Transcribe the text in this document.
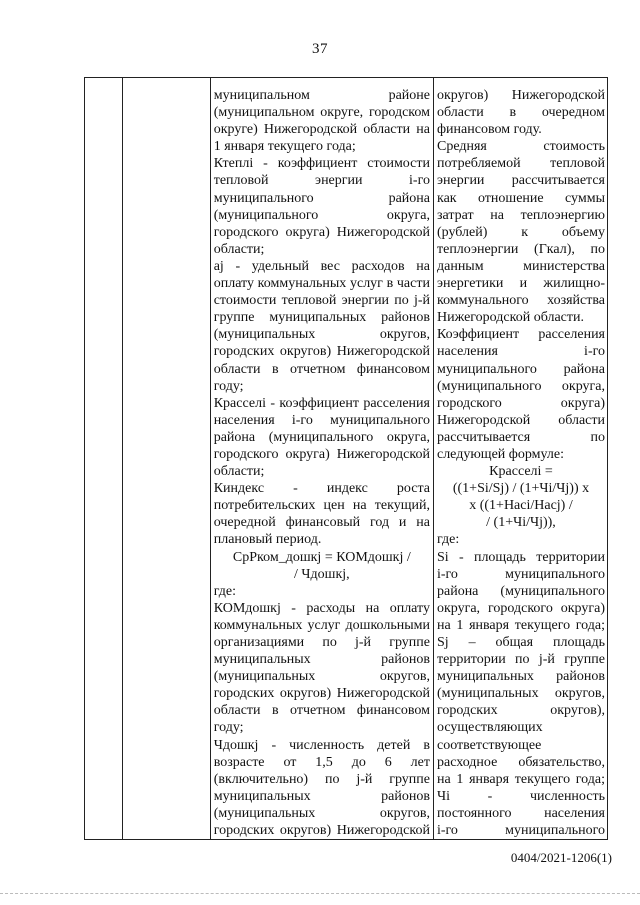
37

муниципальном районе
(муниципальном округе, городском
округе) Нижегородской области на
1 января текущего года;
Ктеплі - коэффициент стоимости
тепловой энергии і-го
муниципального района
(муниципального округа,
городского округа) Нижегородской
области;
aj - удельный вес расходов на
оплату коммунальных услуг в части
стоимости тепловой энергии по j-й
группе муниципальных районов
(муниципальных округов,
городских округов) Нижегородской
области в отчетном финансовом
году;
Красселі - коэффициент расселения
населения і-го муниципального
района (муниципального округа,
городского округа) Нижегородской
области;
Киндекс - индекс роста
потребительских цен на текущий,
очередной финансовый год и на
плановый период.
СрРком_дошкj = КОМдошкj /
/ Чдошкj,
где:
КОМдошкj - расходы на оплату
коммунальных услуг дошкольными
организациями по j-й группе
муниципальных районов
(муниципальных округов,
городских округов) Нижегородской
области в отчетном финансовом
году;
Чдошкj - численность детей в
возрасте от 1,5 до 6 лет
(включительно) по j-й группе
муниципальных районов
(муниципальных округов,
городских округов) Нижегородской

округов) Нижегородской
области в очередном
финансовом году.
Средняя стоимость
потребляемой тепловой
энергии рассчитывается
как отношение суммы
затрат на теплоэнергию
(рублей) к объему
теплоэнергии (Гкал), по
данным министерства
энергетики и жилищно-
коммунального хозяйства
Нижегородской области.
Коэффициент расселения
населения і-го
муниципального района
(муниципального округа,
городского округа)
Нижегородской области
рассчитывается по
следующей формуле:
Красселі =
((1+Si/Sj) / (1+Чі/Чj)) x
x ((1+Насі/Насj) /
/ (1+Чі/Чj)),
где:
Si - площадь территории
і-го муниципального
района (муниципального
округа, городского округа)
на 1 января текущего года;
Sj – общая площадь
территории по j-й группе
муниципальных районов
(муниципальных округов,
городских округов),
осуществляющих
соответствующее
расходное обязательство,
на 1 января текущего года;
Чі - численность
постоянного населения
і-го муниципального
0404/2021-1206(1)
